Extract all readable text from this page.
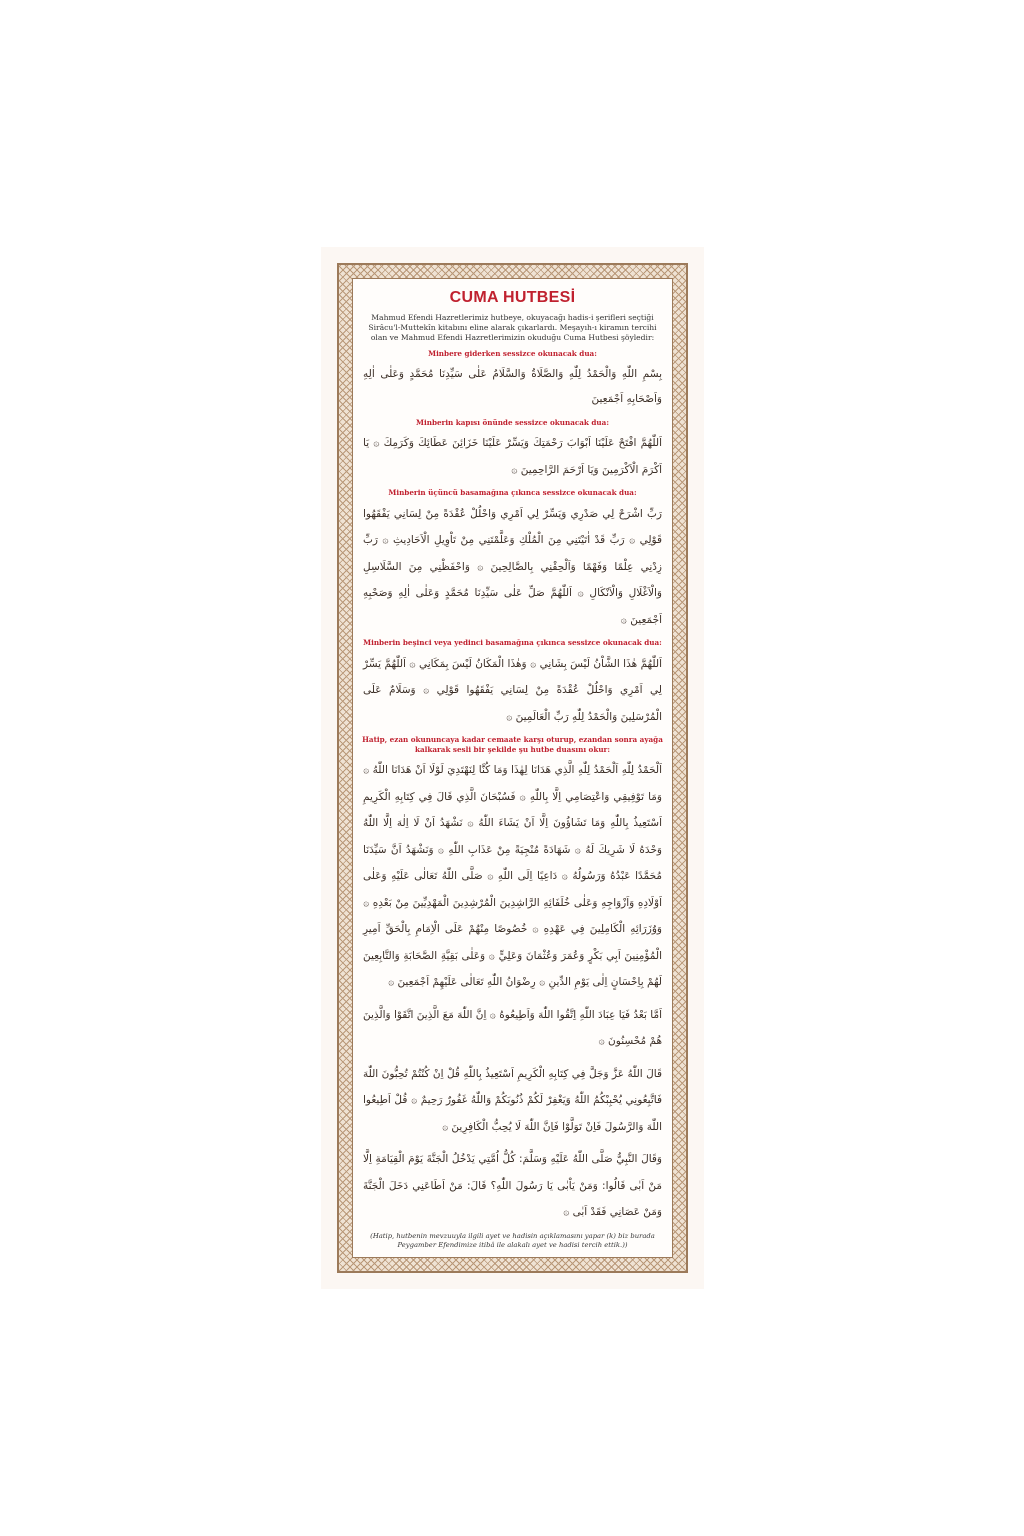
CUMA HUTBESİ
Mahmud Efendi Hazretlerimiz hutbeye, okuyacağı hadis-i şerifleri seçtiği Sirâcu'l-Muttekîn kitabını eline alarak çıkarlardı. Meşayıh-ı kiramın tercihi olan ve Mahmud Efendi Hazretlerimizin okuduğu Cuma Hutbesi şöyledir:
Minbere giderken sessizce okunacak dua:
بِسْمِ اللّٰهِ وَالْحَمْدُ لِلّٰهِ وَالصَّلَاةُ وَالسَّلَامُ عَلٰى سَيِّدِنَا مُحَمَّدٍ وَعَلٰى اٰلِهِ وَاَصْحَابِهِ اَجْمَعِينَ
Minberin kapısı önünde sessizce okunacak dua:
اَللّٰهُمَّ افْتَحْ عَلَيْنَا اَبْوَابَ رَحْمَتِكَ وَيَسِّرْ عَلَيْنَا خَزَائِنَ عَطَائِكَ وَكَرَمِكَ ۞ يَا اَكْرَمَ الْاَكْرَمِينَ وَيَا اَرْحَمَ الرَّاحِمِينَ ۞
Minberin üçüncü basamağına çıkınca sessizce okunacak dua:
رَبِّ اشْرَحْ لِي صَدْرِي وَيَسِّرْ لِي اَمْرِي وَاحْلُلْ عُقْدَةً مِنْ لِسَانِي يَفْقَهُوا قَوْلِي ۞ رَبِّ قَدْ اٰتَيْتَنِي مِنَ الْمُلْكِ وَعَلَّمْتَنِي مِنْ تَاْوِيلِ الْاَحَادِيثِ ۞ رَبِّ زِدْنِي عِلْمًا وَفَهْمًا وَاَلْحِقْنِي بِالصَّالِحِينَ ۞ وَاحْفَظْنِي مِنَ السَّلَاسِلِ وَالْاَغْلَالِ وَالْاَنْكَالِ ۞ اَللّٰهُمَّ صَلِّ عَلٰى سَيِّدِنَا مُحَمَّدٍ وَعَلٰى اٰلِهِ وَصَحْبِهِ اَجْمَعِينَ ۞
Minberin beşinci veya yedinci basamağına çıkınca sessizce okunacak dua:
اَللّٰهُمَّ هٰذَا الشَّاْنُ لَيْسَ بِشَانِي ۞ وَهٰذَا الْمَكَانُ لَيْسَ بِمَكَانِي ۞ اَللّٰهُمَّ يَسِّرْ لِي اَمْرِي وَاحْلُلْ عُقْدَةً مِنْ لِسَانِي يَفْقَهُوا قَوْلِي ۞ وَسَلَامٌ عَلَى الْمُرْسَلِينَ وَالْحَمْدُ لِلّٰهِ رَبِّ الْعَالَمِينَ ۞
Hatip, ezan okununcaya kadar cemaate karşı oturup, ezandan sonra ayağa kalkarak sesli bir şekilde şu hutbe duasını okur:
اَلْحَمْدُ لِلّٰهِ اَلْحَمْدُ لِلّٰهِ الَّذِي هَدَانَا لِهٰذَا وَمَا كُنَّا لِنَهْتَدِيَ لَوْلَا اَنْ هَدَانَا اللّٰهُ ۞ وَمَا تَوْفِيقِي وَاعْتِصَامِي اِلَّا بِاللّٰهِ ۞ فَسُبْحَانَ الَّذِي قَالَ فِي كِتَابِهِ الْكَرِيمِ اَسْتَعِيذُ بِاللّٰهِ وَمَا تَشَاؤُونَ اِلَّا اَنْ يَشَاءَ اللّٰهُ ۞ نَشْهَدُ اَنْ لَا اِلٰهَ اِلَّا اللّٰهُ وَحْدَهُ لَا شَرِيكَ لَهُ ۞ شَهَادَةً مُنْجِيَةً مِنْ عَذَابِ اللّٰهِ ۞ وَنَشْهَدُ اَنَّ سَيِّدَنَا مُحَمَّدًا عَبْدُهُ وَرَسُولُهُ ۞ دَاعِيًا اِلَى اللّٰهِ ۞ صَلَّى اللّٰهُ تَعَالٰى عَلَيْهِ وَعَلٰى اَوْلَادِهِ وَاَزْوَاجِهِ وَعَلٰى خُلَفَائِهِ الرَّاشِدِينَ الْمُرْشِدِينَ الْمَهْدِيِّينَ مِنْ بَعْدِهِ ۞ وَوُزَرَائِهِ الْكَامِلِينَ فِي عَهْدِهِ ۞ خُصُوصًا مِنْهُمْ عَلَى الْاِمَامِ بِالْحَقِّ اَمِيرِ الْمُؤْمِنِينَ اَبِي بَكْرٍ وَعُمَرَ وَعُثْمَانَ وَعَلِيٍّ ۞ وَعَلٰى بَقِيَّةِ الصَّحَابَةِ وَالتَّابِعِينَ لَهُمْ بِاِحْسَانٍ اِلٰى يَوْمِ الدِّينِ ۞ رِضْوَانُ اللّٰهِ تَعَالٰى عَلَيْهِمْ اَجْمَعِينَ ۞
اَمَّا بَعْدُ فَيَا عِبَادَ اللّٰهِ اِتَّقُوا اللّٰهَ وَاَطِيعُوهُ ۞ اِنَّ اللّٰهَ مَعَ الَّذِينَ اتَّقَوْا وَالَّذِينَ هُمْ مُحْسِنُونَ ۞
قَالَ اللّٰهُ عَزَّ وَجَلَّ فِي كِتَابِهِ الْكَرِيمِ اَسْتَعِيذُ بِاللّٰهِ قُلْ اِنْ كُنْتُمْ تُحِبُّونَ اللّٰهَ فَاتَّبِعُونِي يُحْبِبْكُمُ اللّٰهُ وَيَغْفِرْ لَكُمْ ذُنُوبَكُمْ وَاللّٰهُ غَفُورٌ رَحِيمٌ ۞ قُلْ اَطِيعُوا اللّٰهَ وَالرَّسُولَ فَاِنْ تَوَلَّوْا فَاِنَّ اللّٰهَ لَا يُحِبُّ الْكَافِرِينَ ۞
وَقَالَ النَّبِيُّ صَلَّى اللّٰهُ عَلَيْهِ وَسَلَّمَ: كُلُّ اُمَّتِي يَدْخُلُ الْجَنَّةَ يَوْمَ الْقِيَامَةِ اِلَّا مَنْ اَبٰى قَالُوا: وَمَنْ يَاْبٰى يَا رَسُولَ اللّٰهِ؟ قَالَ: مَنْ اَطَاعَنِي دَخَلَ الْجَنَّةَ وَمَنْ عَصَانِي فَقَدْ اَبٰى ۞
(Hatip, hutbenin mevzuuyla ilgili ayet ve hadisin açıklamasını yapar (k) biz burada Peygamber Efendimize itibâ ile alakalı ayet ve hadisi tercih ettik.))
